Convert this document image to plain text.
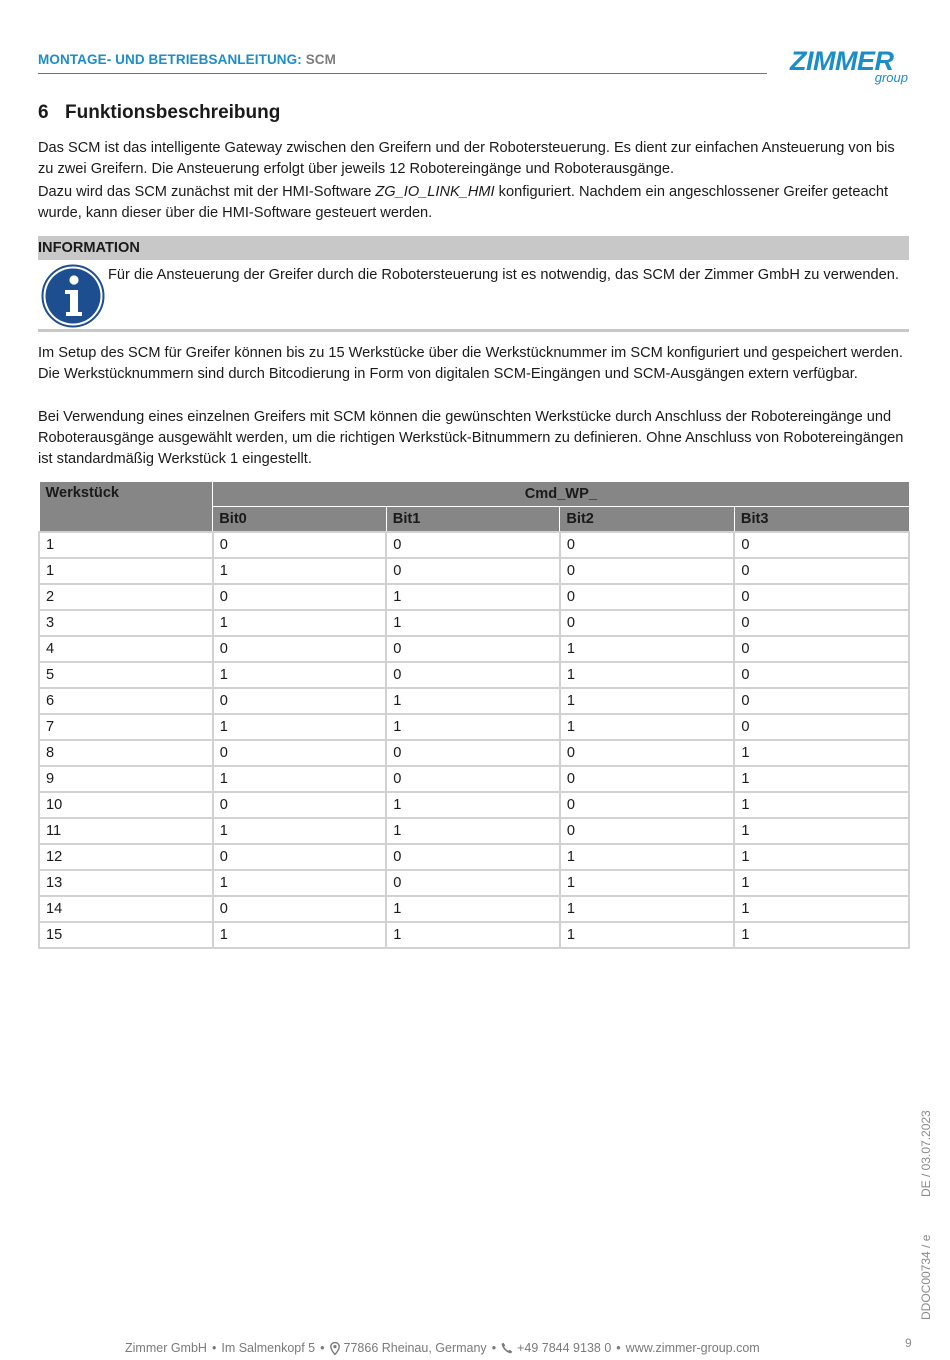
MONTAGE- UND BETRIEBSANLEITUNG: SCM	ZIMMER
group
6 Funktionsbeschreibung

Das SCM ist das intelligente Gateway zwischen den Greifern und der Robotersteuerung. Es dient zur einfachen Ansteuerung von bis zu zwei Greifern. Die Ansteuerung erfolgt über jeweils 12 Robotereingänge und Roboterausgänge.

Dazu wird das SCM zunächst mit der HMI-Software ZG_IO_LINK_HMI konfiguriert. Nachdem ein angeschlossener Greifer geteacht wurde, kann dieser über die HMI-Software gesteuert werden.

INFORMATION

Für die Ansteuerung der Greifer durch die Robotersteuerung ist es notwendig, das SCM der Zimmer GmbH zu verwenden.

Im Setup des SCM für Greifer können bis zu 15 Werkstücke über die Werkstücknummer im SCM konfiguriert und gespeichert werden. Die Werkstücknummern sind durch Bitcodierung in Form von digitalen SCM-Eingängen und SCM-Ausgängen extern verfügbar.

Bei Verwendung eines einzelnen Greifers mit SCM können die gewünschten Werkstücke durch Anschluss der Robotereingänge und Roboterausgänge ausgewählt werden, um die richtigen Werkstück-Bitnummern zu definieren. Ohne Anschluss von Robotereingängen ist standardmäßig Werkstück 1 eingestellt.

Werkstück	Cmd_WP_			
	Bit0	Bit1	Bit2	Bit3
1	0	0	0	0
1	1	0	0	0
2	0	1	0	0
3	1	1	0	0
4	0	0	1	0
5	1	0	1	0
6	0	1	1	0
7	1	1	1	0
8	0	0	0	1
9	1	0	0	1
10	0	1	0	1
11	1	1	0	1
12	0	0	1	1
13	1	0	1	1
14	0	1	1	1
15	1	1	1	1
DE / 03.07.2023
DDOC00734 / e
9
Zimmer GmbH • Im Salmenkopf 5 • 77866 Rheinau, Germany • +49 7844 9138 0 • www.zimmer-group.com
